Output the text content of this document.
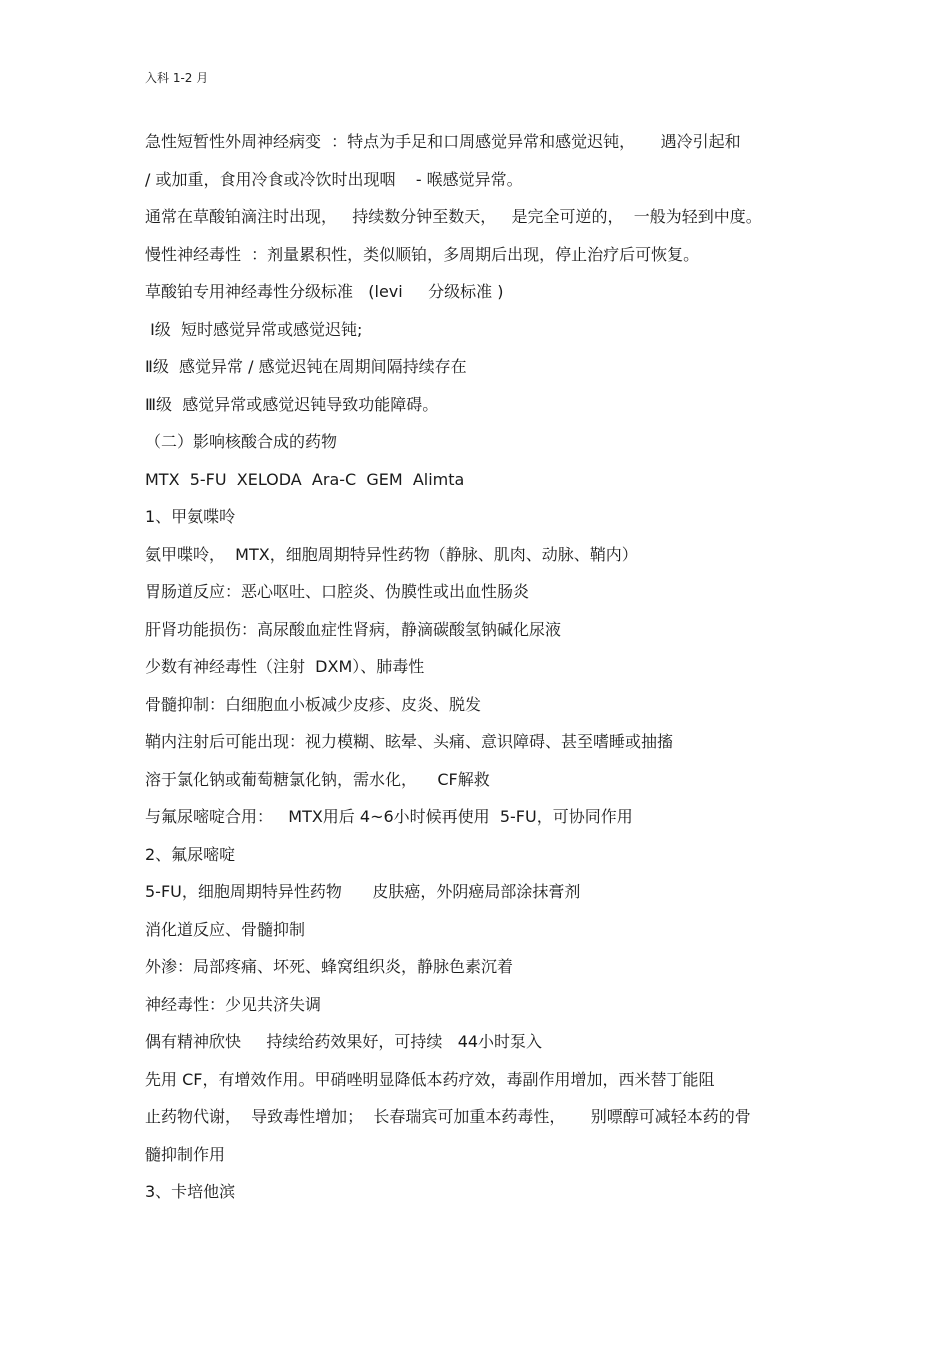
入科 1-2 月
急性短暂性外周神经病变  ：特点为手足和口周感觉异常和感觉迟钝，     遇冷引起和
/ 或加重，食用冷食或冷饮时出现咽    - 喉感觉异常。
通常在草酸铂滴注时出现，   持续数分钟至数天，   是完全可逆的，  一般为轻到中度。
慢性神经毒性  ：剂量累积性，类似顺铂，多周期后出现，停止治疗后可恢复。
草酸铂专用神经毒性分级标准   (levi     分级标准 )
Ⅰ级  短时感觉异常或感觉迟钝;
Ⅱ级  感觉异常 / 感觉迟钝在周期间隔持续存在
Ⅲ级  感觉异常或感觉迟钝导致功能障碍。
（二）影响核酸合成的药物
MTX  5-FU  XELODA  Ara-C  GEM  Alimta
1、甲氨喋呤
氨甲喋呤，  MTX，细胞周期特异性药物（静脉、肌肉、动脉、鞘内）
胃肠道反应：恶心呕吐、口腔炎、伪膜性或出血性肠炎
肝肾功能损伤：高尿酸血症性肾病，静滴碳酸氢钠碱化尿液
少数有神经毒性（注射  DXM）、肺毒性
骨髓抑制：白细胞血小板减少皮疹、皮炎、脱发
鞘内注射后可能出现：视力模糊、眩晕、头痛、意识障碍、甚至嗜睡或抽搐
溶于氯化钠或葡萄糖氯化钠，需水化，    CF解救
与氟尿嘧啶合用：   MTX用后 4~6小时候再使用  5-FU，可协同作用
2、氟尿嘧啶
5-FU，细胞周期特异性药物      皮肤癌，外阴癌局部涂抹膏剂
消化道反应、骨髓抑制
外渗：局部疼痛、坏死、蜂窝组织炎，静脉色素沉着
神经毒性：少见共济失调
偶有精神欣快     持续给药效果好，可持续   44小时泵入
先用 CF，有增效作用。甲硝唑明显降低本药疗效，毒副作用增加，西米替丁能阻
止药物代谢，  导致毒性增加；  长春瑞宾可加重本药毒性，     别嘌醇可减轻本药的骨
髓抑制作用
3、卡培他滨
